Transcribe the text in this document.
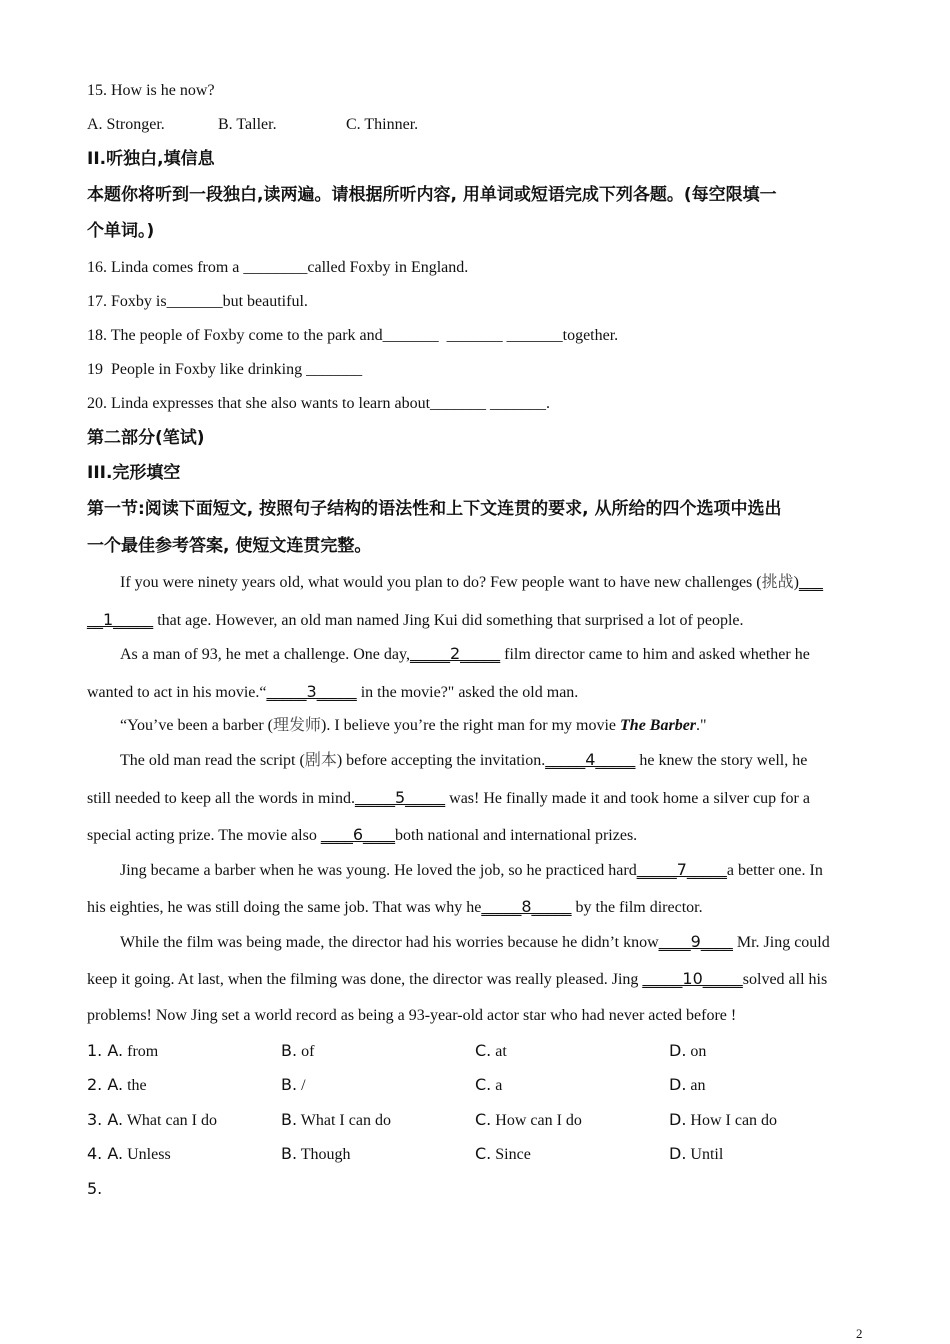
15. How is he now?
A. Stronger.	B. Taller.	C. Thinner.
II.听独白,填信息
本题你将听到一段独白,读两遍。请根据所听内容, 用单词或短语完成下列各题。(每空限填一
个单词。)
16. Linda comes from a ________called Foxby in England.
17. Foxby is_______but beautiful.
18. The people of Foxby come to the park and_______  _______ _______together.
19  People in Foxby like drinking _______
20. Linda expresses that she also wants to learn about_______ _______.
第二部分(笔试)
III.完形填空
第一节:阅读下面短文, 按照句子结构的语法性和上下文连贯的要求, 从所给的四个选项中选出
一个最佳参考答案, 使短文连贯完整。
If you were ninety years old, what would you plan to do? Few people want to have new challenges (挑战)___
__1_____ that age. However, an old man named Jing Kui did something that surprised a lot of people.
As a man of 93, he met a challenge. One day,_____2_____ film director came to him and asked whether he
wanted to act in his movie.“_____3_____ in the movie?" asked the old man.
“You’ve been a barber (理发师). I believe you’re the right man for my movie The Barber."
The old man read the script (剧本) before accepting the invitation._____4_____ he knew the story well, he
still needed to keep all the words in mind._____5_____ was! He finally made it and took home a silver cup for a
special acting prize. The movie also ____6____both national and international prizes.
Jing became a barber when he was young. He loved the job, so he practiced hard_____7_____a better one. In
his eighties, he was still doing the same job. That was why he_____8_____ by the film director.
While the film was being made, the director had his worries because he didn’t know____9____ Mr. Jing could
keep it going. At last, when the filming was done, the director was really pleased. Jing _____10_____solved all his
problems! Now Jing set a world record as being a 93-year-old actor star who had never acted before !
1. A. from	B. of	C. at	D. on
2. A. the	B. /	C. a	D. an
3. A. What can I do	B. What I can do	C. How can I do	D. How I can do
4. A. Unless	B. Though	C. Since	D. Until
5.
2
